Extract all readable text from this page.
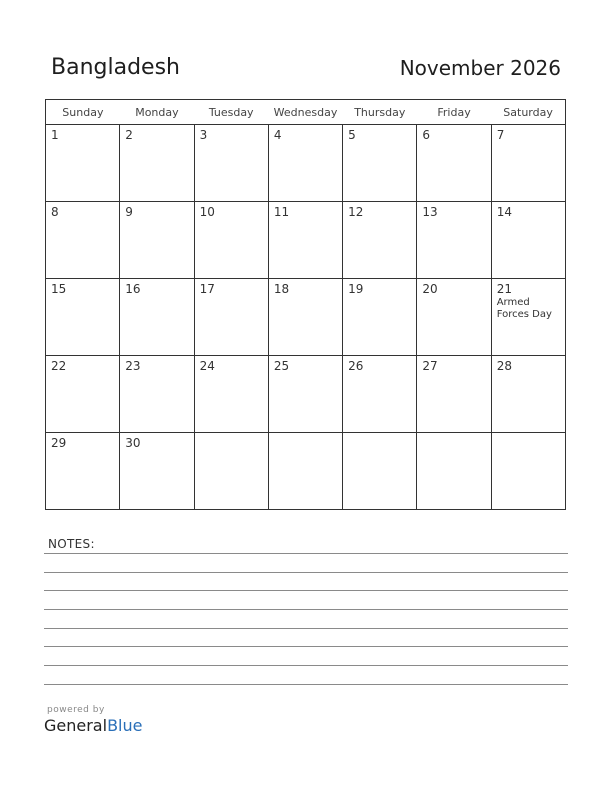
Bangladesh	November 2026
Sunday	Monday	Tuesday	Wednesday	Thursday	Friday	Saturday

1	2	3	4	5	6	7

8	9	10	11	12	13	14

15	16	17	18	19	20	21
Armed Forces Day

22	23	24	25	26	27	28

29	30					

NOTES:
powered by
GeneralBlue
